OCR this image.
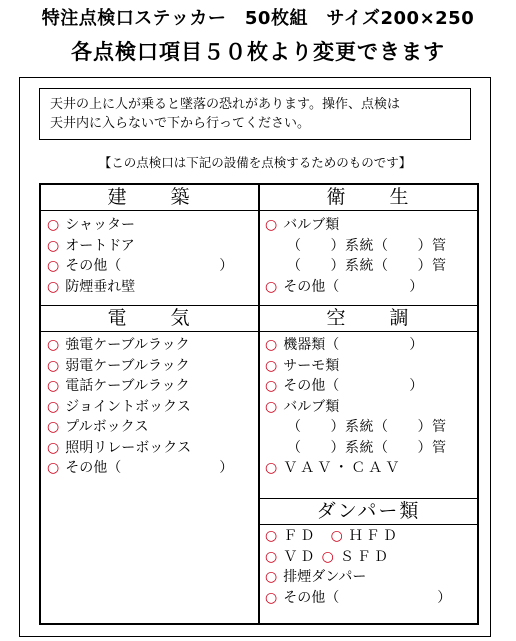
特注点検口ステッカー　50枚組　サイズ200×250
各点検口項目５０枚より変更できます
天井の上に人が乗ると墜落の恐れがあります。操作、点検は
天井内に入らないで下から行ってください。
【この点検口は下記の設備を点検するためのものです】
建　　築
○ シャッター
○ オートドア
○ その他（　　　　　　　）
○ 防煙垂れ壁
衛　　生
○ バルブ類
（　　）系統（　　）管
（　　）系統（　　）管
○ その他（　　　　　）
電　　気
○ 強電ケーブルラック
○ 弱電ケーブルラック
○ 電話ケーブルラック
○ ジョイントボックス
○ プルボックス
○ 照明リレーボックス
○ その他（　　　　　　　）
空　　調
○ 機器類（　　　　　）
○ サーモ類
○ その他（　　　　　）
○ バルブ類
（　　）系統（　　）管
（　　）系統（　　）管
○ ＶＡＶ・ＣＡＶ
ダンパー類
○ ＦＤ ○ ＨＦＤ
○ ＶＤ ○ ＳＦＤ
○ 排煙ダンパー
○ その他（　　　　　　　）
